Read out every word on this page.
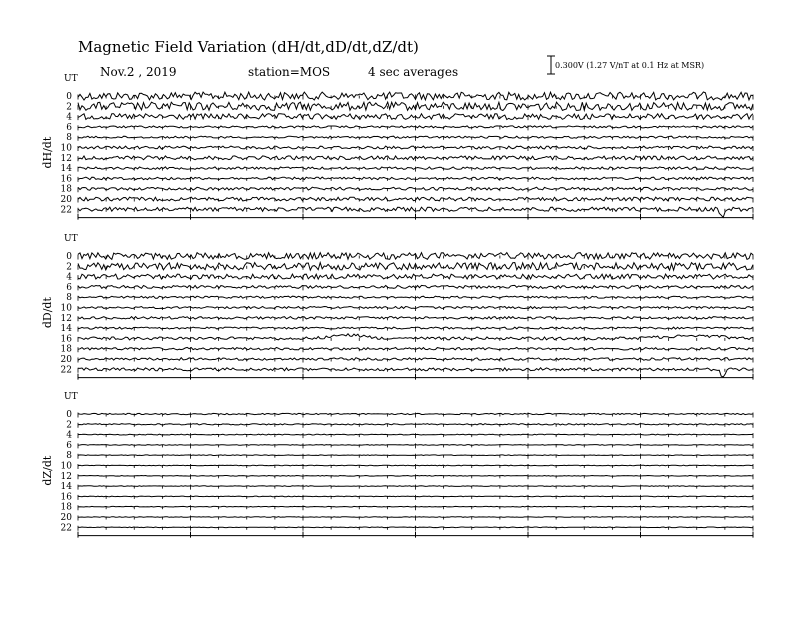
Magnetic Field Variation (dH/dt,dD/dt,dZ/dt)
Nov.2 , 2019	station=MOS	4 sec averages	0.300V (1.27 V/nT at 0.1 Hz at MSR)
UT
dH/dt
0
2
4
6
8
10
12
14
16
18
20
22
UT
dD/dt
0
2
4
6
8
10
12
14
16
18
20
22
UT
dZ/dt
0
2
4
6
8
10
12
14
16
18
20
22
